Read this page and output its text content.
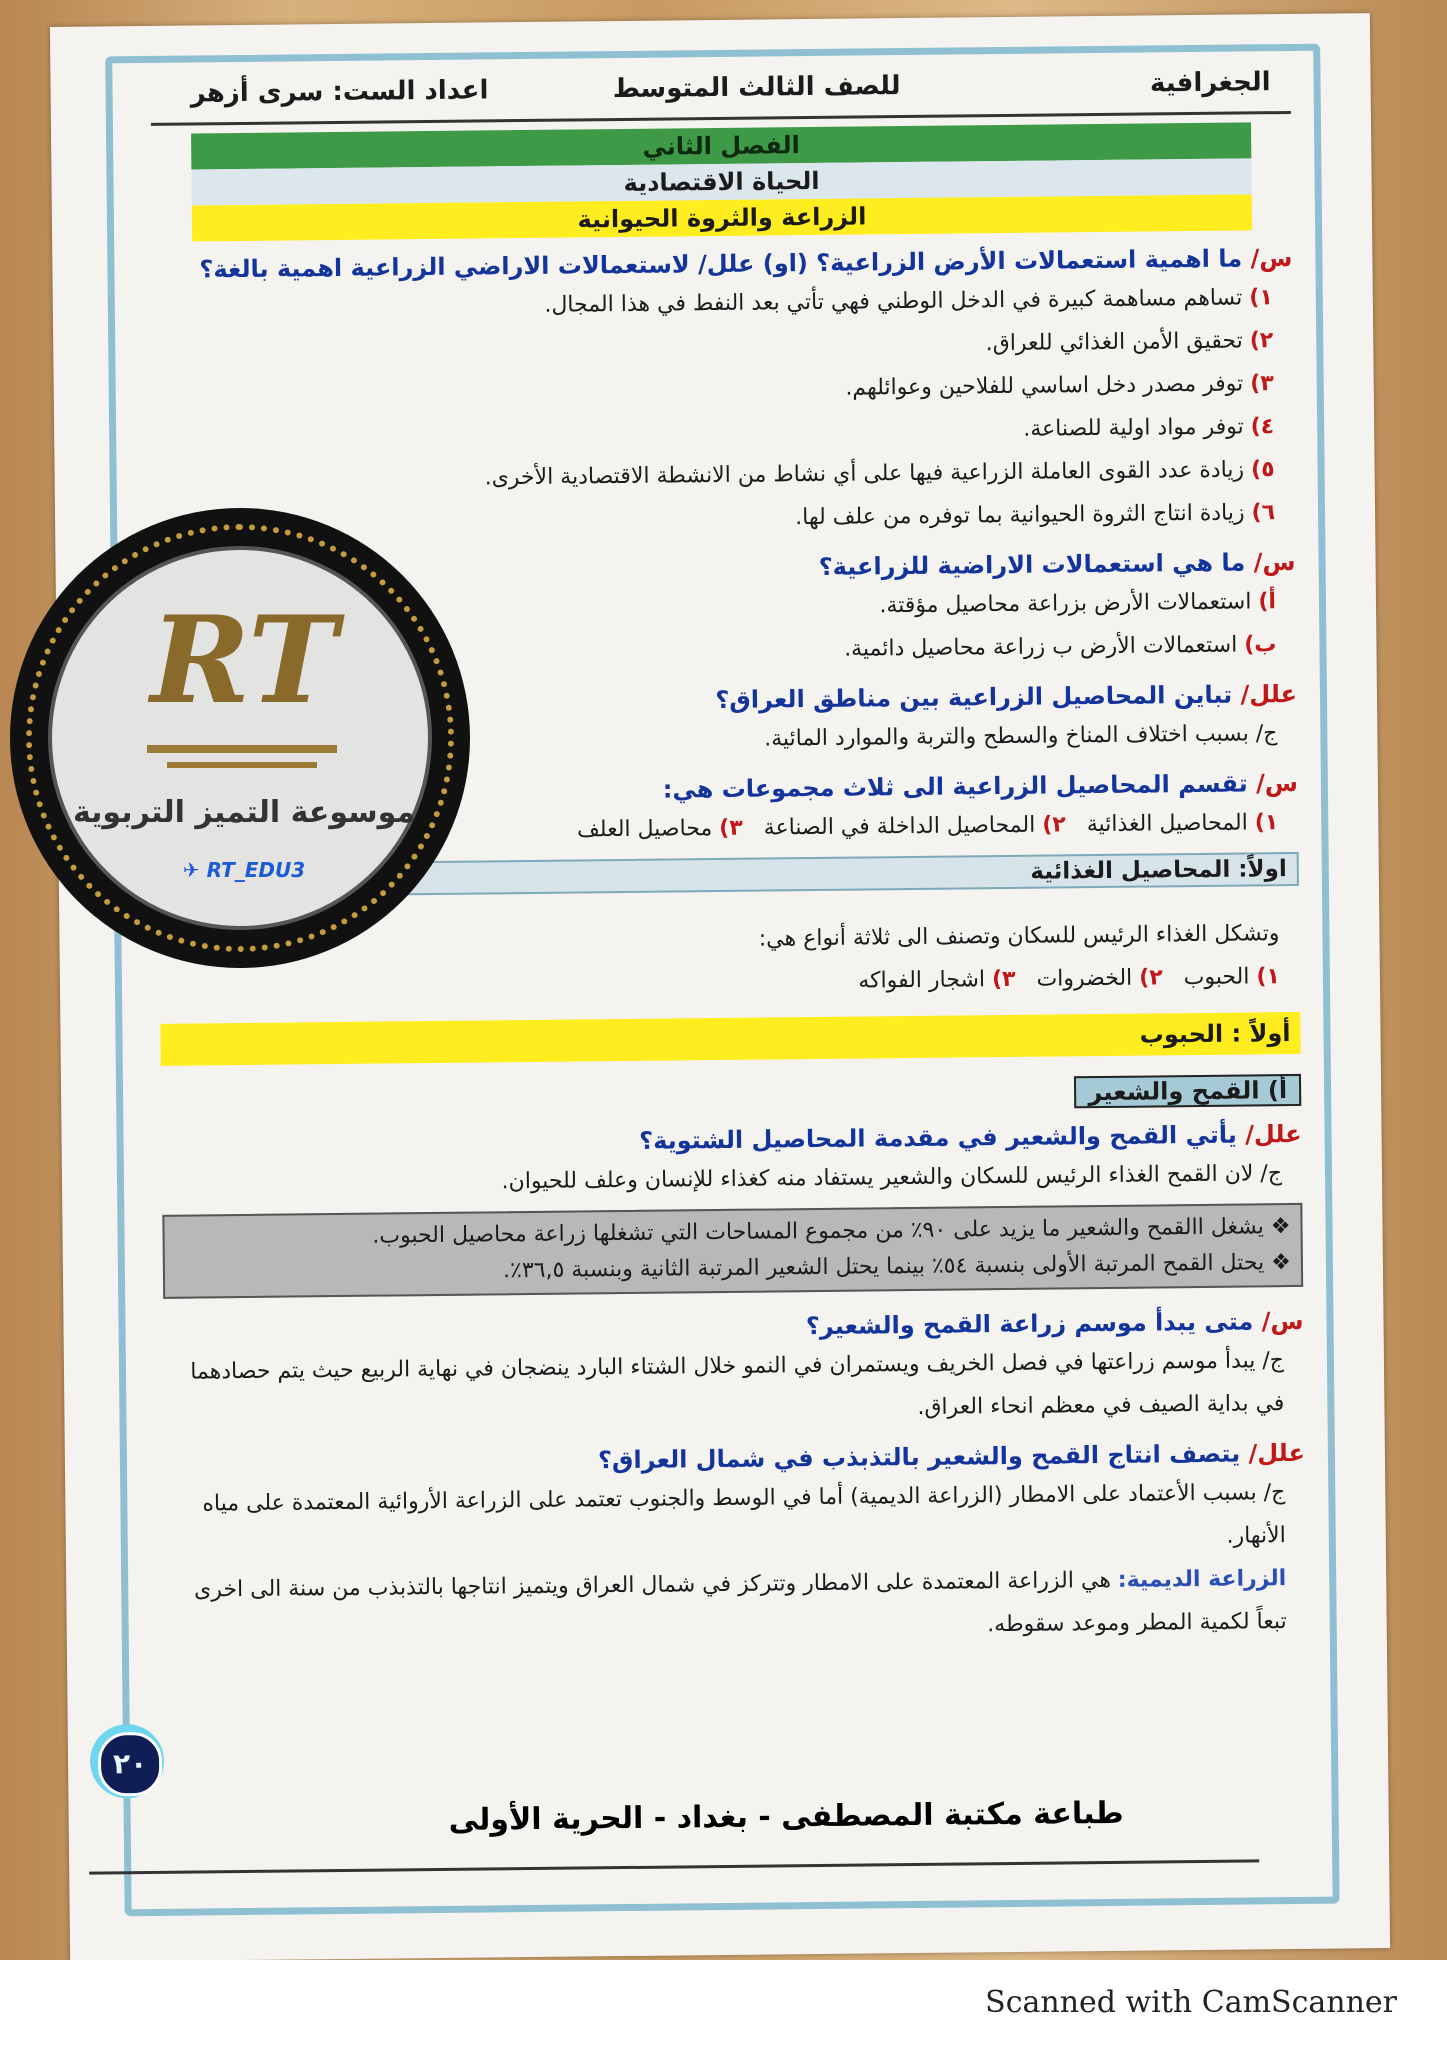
الجغرافية
للصف الثالث المتوسط
اعداد الست: سرى أزهر
الفصل الثاني
الحياة الاقتصادية
الزراعة والثروة الحيوانية
س/ ما اهمية استعمالات الأرض الزراعية؟ (او) علل/ لاستعمالات الاراضي الزراعية اهمية بالغة؟

١) تساهم مساهمة كبيرة في الدخل الوطني فهي تأتي بعد النفط في هذا المجال.

٢) تحقيق الأمن الغذائي للعراق.

٣) توفر مصدر دخل اساسي للفلاحين وعوائلهم.

٤) توفر مواد اولية للصناعة.

٥) زيادة عدد القوى العاملة الزراعية فيها على أي نشاط من الانشطة الاقتصادية الأخرى.

٦) زيادة انتاج الثروة الحيوانية بما توفره من علف لها.

س/ ما هي استعمالات الاراضية للزراعية؟

أ) استعمالات الأرض بزراعة محاصيل مؤقتة.

ب) استعمالات الأرض ب زراعة محاصيل دائمية.

علل/ تباين المحاصيل الزراعية بين مناطق العراق؟

ج/ بسبب اختلاف المناخ والسطح والتربة والموارد المائية.

س/ تقسم المحاصيل الزراعية الى ثلاث مجموعات هي:

١) المحاصيل الغذائية   ٢) المحاصيل الداخلة في الصناعة   ٣) محاصيل العلف

اولاً: المحاصيل الغذائية

وتشكل الغذاء الرئيس للسكان وتصنف الى ثلاثة أنواع هي:

١) الحبوب   ٢) الخضروات   ٣) اشجار الفواكه

أولاً : الحبوب
أ) القمح والشعير
علل/ يأتي القمح والشعير في مقدمة المحاصيل الشتوية؟

ج/ لان القمح الغذاء الرئيس للسكان والشعير يستفاد منه كغذاء للإنسان وعلف للحيوان.

❖ يشغل االقمح والشعير ما يزيد على ٩٠٪ من مجموع المساحات التي تشغلها زراعة محاصيل الحبوب.
❖ يحتل القمح المرتبة الأولى بنسبة ٥٤٪ بينما يحتل الشعير المرتبة الثانية وبنسبة ٣٦,٥٪.
س/ متى يبدأ موسم زراعة القمح والشعير؟

ج/ يبدأ موسم زراعتها في فصل الخريف ويستمران في النمو خلال الشتاء البارد ينضجان في نهاية الربيع حيث يتم حصادهما في بداية الصيف في معظم انحاء العراق.

علل/ يتصف انتاج القمح والشعير بالتذبذب في شمال العراق؟

ج/ بسبب الأعتماد على الامطار (الزراعة الديمية) أما في الوسط والجنوب تعتمد على الزراعة الأروائية المعتمدة على مياه الأنهار.

الزراعة الديمية: هي الزراعة المعتمدة على الامطار وتتركز في شمال العراق ويتميز انتاجها بالتذبذب من سنة الى اخرى تبعاً لكمية المطر وموعد سقوطه.

٢٠
طباعة مكتبة المصطفى - بغداد - الحرية الأولى
RT
موسوعة التميز التربوية
✈ RT_EDU3
Scanned with CamScanner
